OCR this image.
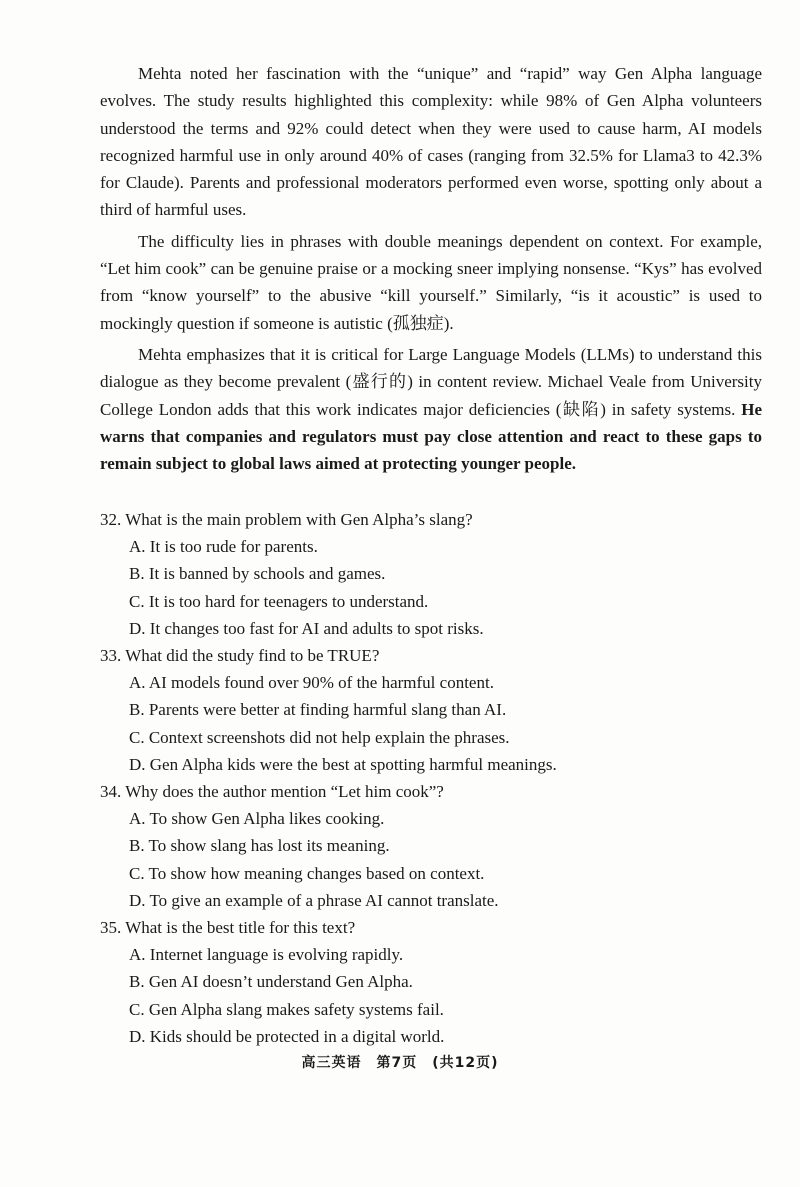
Mehta noted her fascination with the “unique” and “rapid” way Gen Alpha language evolves. The study results highlighted this complexity: while 98% of Gen Alpha volunteers understood the terms and 92% could detect when they were used to cause harm, AI models recognized harmful use in only around 40% of cases (ranging from 32.5% for Llama3 to 42.3% for Claude). Parents and professional moderators performed even worse, spotting only about a third of harmful uses.

The difficulty lies in phrases with double meanings dependent on context. For example, “Let him cook” can be genuine praise or a mocking sneer implying nonsense. “Kys” has evolved from “know yourself” to the abusive “kill yourself.” Similarly, “is it acoustic” is used to mockingly question if someone is autistic (孤独症).

Mehta emphasizes that it is critical for Large Language Models (LLMs) to understand this dialogue as they become prevalent (盛行的) in content review. Michael Veale from University College London adds that this work indicates major deficiencies (缺陷) in safety systems. He warns that companies and regulators must pay close attention and react to these gaps to remain subject to global laws aimed at protecting younger people.

32. What is the main problem with Gen Alpha’s slang?

A. It is too rude for parents.

B. It is banned by schools and games.

C. It is too hard for teenagers to understand.

D. It changes too fast for AI and adults to spot risks.

33. What did the study find to be TRUE?

A. AI models found over 90% of the harmful content.

B. Parents were better at finding harmful slang than AI.

C. Context screenshots did not help explain the phrases.

D. Gen Alpha kids were the best at spotting harmful meanings.

34. Why does the author mention “Let him cook”?

A. To show Gen Alpha likes cooking.

B. To show slang has lost its meaning.

C. To show how meaning changes based on context.

D. To give an example of a phrase AI cannot translate.

35. What is the best title for this text?

A. Internet language is evolving rapidly.

B. Gen AI doesn’t understand Gen Alpha.

C. Gen Alpha slang makes safety systems fail.

D. Kids should be protected in a digital world.

高三英语　第7页　(共12页)
